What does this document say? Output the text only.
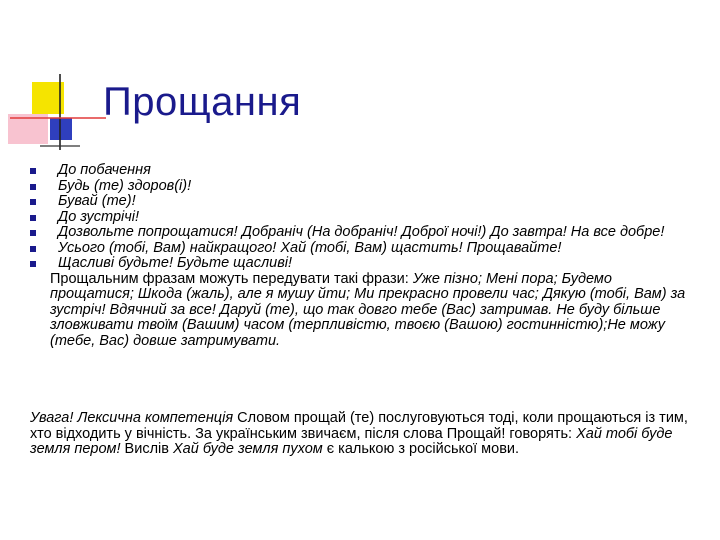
Прощання
До побачення
Будь (те) здоров(і)!
Бувай (те)!
До зустрічі!
Дозвольте попрощатися! Добраніч (На добраніч! Доброї ночі!) До завтра! На все добре!
Усього (тобі, Вам) найкращого! Хай (тобі, Вам) щастить! Прощавайте!
Щасливі будьте! Будьте щасливі!
Прощальним фразам можуть передувати такі фрази: Уже пізно; Мені пора; Будемо прощатися; Шкода (жаль), але я мушу йти; Ми прекрасно провели час; Дякую (тобі, Вам) за зустріч! Вдячний за все! Даруй (те), що так довго тебе (Вас) затримав. Не буду більше зловживати твоїм (Вашим) часом (терпливістю, твоєю (Вашою) гостинністю);Не можу (тебе, Вас) довше затримувати.
Увага! Лексична компетенція Словом прощай (те) послуговуються тоді, коли прощаються із тим, хто відходить у вічність. За українським звичаєм, після слова Прощай! говорять: Хай тобі буде земля пером! Вислів Хай буде земля пухом є калькою з російської мови.
